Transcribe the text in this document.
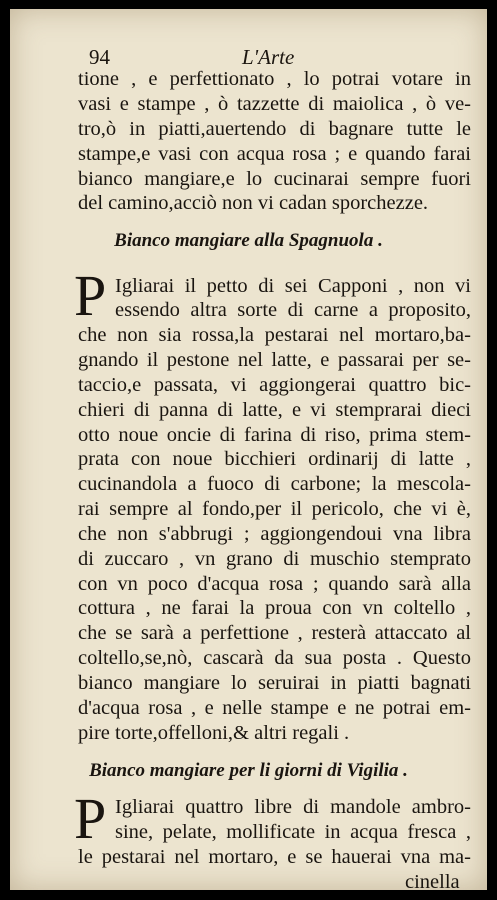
94	L'Arte
tione , e perfettionato , lo potrai votare in
vasi e stampe , ò tazzette di maiolica , ò ve-
tro,ò in piatti,auertendo di bagnare tutte le
stampe,e vasi con acqua rosa ; e quando farai
bianco mangiare,e lo cucinarai sempre fuori
del camino,acciò non vi cadan sporchezze.
Bianco mangiare alla Spagnuola .
P Igliarai il petto di sei Capponi , non vi
essendo altra sorte di carne a proposito,
che non sia rossa,la pestarai nel mortaro,ba-
gnando il pestone nel latte, e passarai per se-
taccio,e passata, vi aggiongerai quattro bic-
chieri di panna di latte, e vi stemprarai dieci
otto noue oncie di farina di riso, prima stem-
prata con noue bicchieri ordinarij di latte ,
cucinandola a fuoco di carbone; la mescola-
rai sempre al fondo,per il pericolo, che vi è,
che non s'abbrugi ; aggiongendoui vna libra
di zuccaro , vn grano di muschio stemprato
con vn poco d'acqua rosa ; quando sarà alla
cottura , ne farai la proua con vn coltello ,
che se sarà a perfettione , resterà attaccato al
coltello,se,nò, cascarà da sua posta . Questo
bianco mangiare lo seruirai in piatti bagnati
d'acqua rosa , e nelle stampe e ne potrai em-
pire torte,offelloni,& altri regali .
Bianco mangiare per li giorni di Vigilia .
P Igliarai quattro libre di mandole ambro-
sine, pelate, mollificate in acqua fresca ,
le pestarai nel mortaro, e se hauerai vna ma-
cinella
